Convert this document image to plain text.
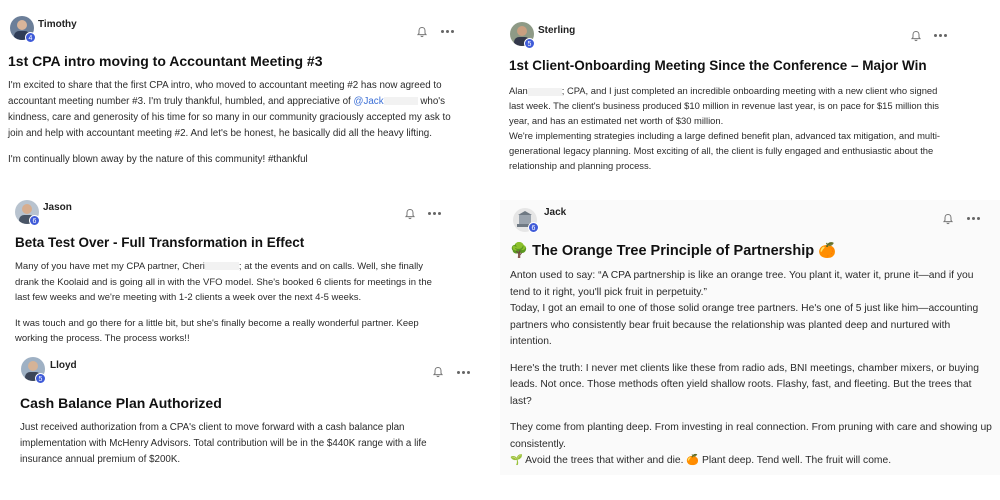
4
Timothy
1st CPA intro moving to Accountant Meeting #3

I'm excited to share that the first CPA intro, who moved to accountant meeting #2 has now agreed to accountant meeting number #3. I'm truly thankful, humbled, and appreciative of @Jack	who's kindness, care and generosity of his time for so many in our community graciously accepted my ask to join and help with accountant meeting #2. And let's be honest, he basically did all the heavy lifting.

I'm continually blown away by the nature of this community! #thankful

5
Sterling
1st Client-Onboarding Meeting Since the Conference – Major Win

Alan	; CPA, and I just completed an incredible onboarding meeting with a new client who signed last week. The client's business produced $10 million in revenue last year, is on pace for $15 million this year, and has an estimated net worth of $30 million.

We're implementing strategies including a large defined benefit plan, advanced tax mitigation, and multi-generational legacy planning. Most exciting of all, the client is fully engaged and enthusiastic about the relationship and planning process.

6
Jason
Beta Test Over - Full Transformation in Effect

Many of you have met my CPA partner, Cheri	; at the events and on calls. Well, she finally drank the Koolaid and is going all in with the VFO model. She's booked 6 clients for meetings in the last few weeks and we're meeting with 1-2 clients a week over the next 4-5 weeks.

It was touch and go there for a little bit, but she's finally become a really wonderful partner. Keep working the process. The process works!!

6
Jack
🌳 The Orange Tree Principle of Partnership 🍊

Anton used to say: “A CPA partnership is like an orange tree. You plant it, water it, prune it—and if you tend to it right, you'll pick fruit in perpetuity.”

Today, I got an email to one of those solid orange tree partners. He's one of 5 just like him—accounting partners who consistently bear fruit because the relationship was planted deep and nurtured with intention.

Here's the truth: I never met clients like these from radio ads, BNI meetings, chamber mixers, or buying leads. Not once. Those methods often yield shallow roots. Flashy, fast, and fleeting. But the trees that last?

They come from planting deep. From investing in real connection. From pruning with care and showing up consistently.

🌱 Avoid the trees that wither and die. 🍊 Plant deep. Tend well. The fruit will come.

5
Lloyd
Cash Balance Plan Authorized

Just received authorization from a CPA's client to move forward with a cash balance plan implementation with McHenry Advisors. Total contribution will be in the $440K range with a life insurance annual premium of $200K.
